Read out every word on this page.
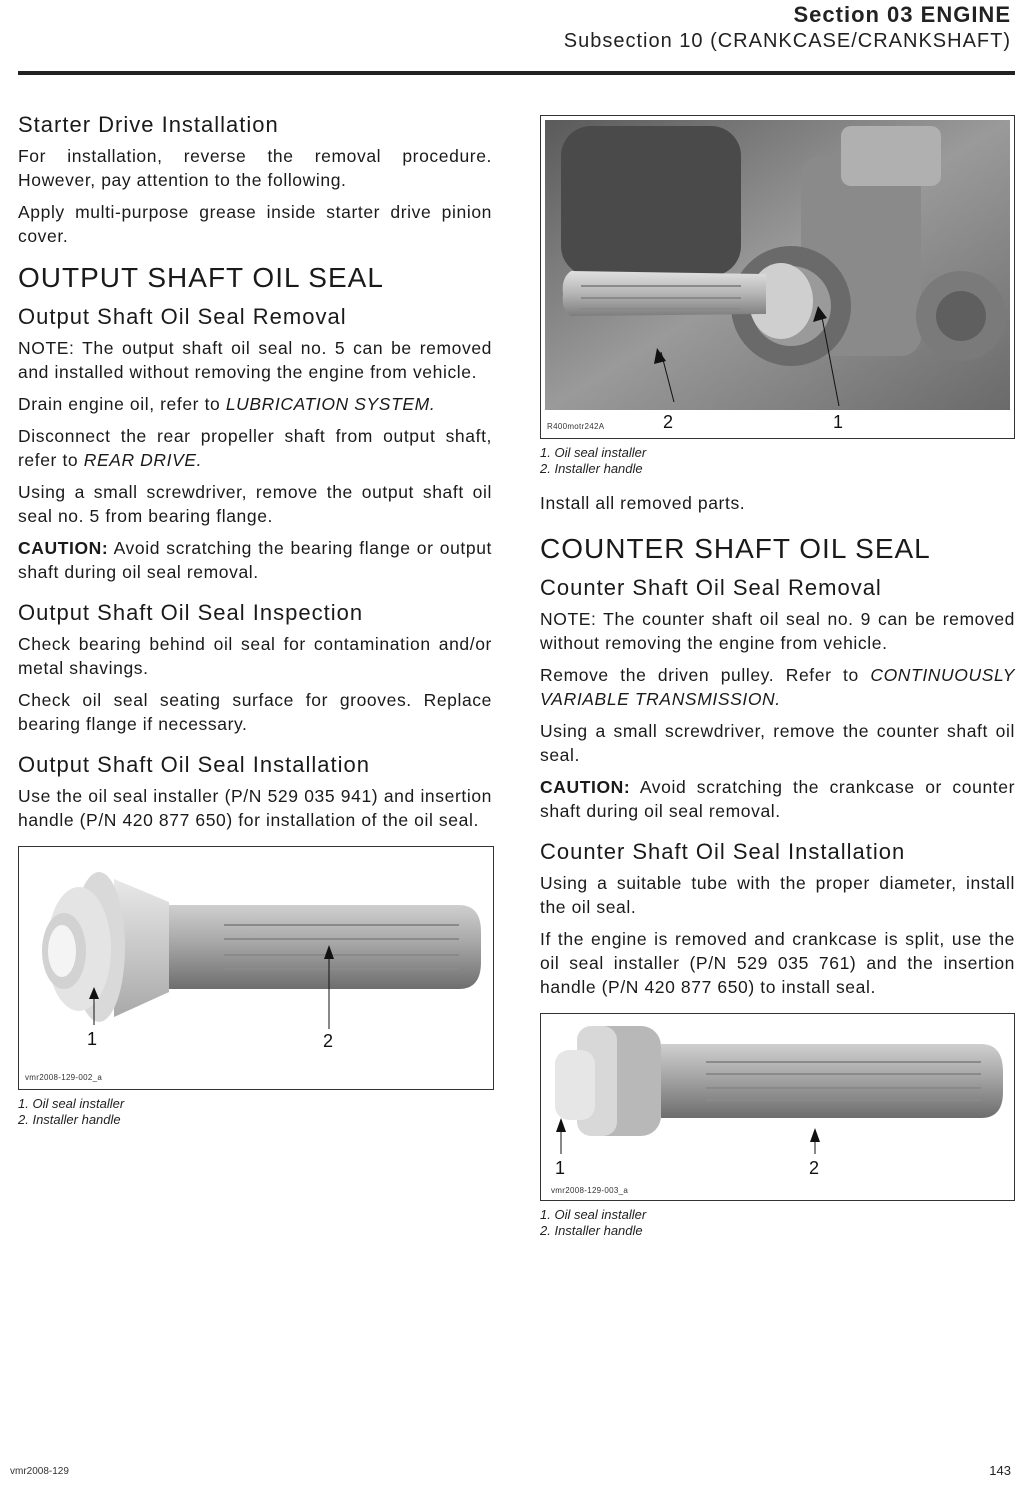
Section 03 ENGINE
Subsection 10 (CRANKCASE/CRANKSHAFT)
Starter Drive Installation

For installation, reverse the removal procedure. However, pay attention to the following.

Apply multi-purpose grease inside starter drive pinion cover.

OUTPUT SHAFT OIL SEAL
Output Shaft Oil Seal Removal

NOTE: The output shaft oil seal no. 5 can be removed and installed without removing the engine from vehicle.

Drain engine oil, refer to LUBRICATION SYSTEM.

Disconnect the rear propeller shaft from output shaft, refer to REAR DRIVE.

Using a small screwdriver, remove the output shaft oil seal no. 5 from bearing flange.

CAUTION: Avoid scratching the bearing flange or output shaft during oil seal removal.

Output Shaft Oil Seal Inspection

Check bearing behind oil seal for contamination and/or metal shavings.

Check oil seal seating surface for grooves. Replace bearing flange if necessary.

Output Shaft Oil Seal Installation

Use the oil seal installer (P/N 529 035 941) and insertion handle (P/N 420 877 650) for installation of the oil seal.

1	2
vmr2008-129-002_a
1. Oil seal installer
2. Installer handle
2	1
R400motr242A
1. Oil seal installer
2. Installer handle

Install all removed parts.

COUNTER SHAFT OIL SEAL
Counter Shaft Oil Seal Removal

NOTE: The counter shaft oil seal no. 9 can be removed without removing the engine from vehicle.

Remove the driven pulley. Refer to CONTINUOUSLY VARIABLE TRANSMISSION.

Using a small screwdriver, remove the counter shaft oil seal.

CAUTION: Avoid scratching the crankcase or counter shaft during oil seal removal.

Counter Shaft Oil Seal Installation

Using a suitable tube with the proper diameter, install the oil seal.

If the engine is removed and crankcase is split, use the oil seal installer (P/N 529 035 761) and the insertion handle (P/N 420 877 650) to install seal.

1	2
vmr2008-129-003_a
1. Oil seal installer
2. Installer handle
vmr2008-129	143
